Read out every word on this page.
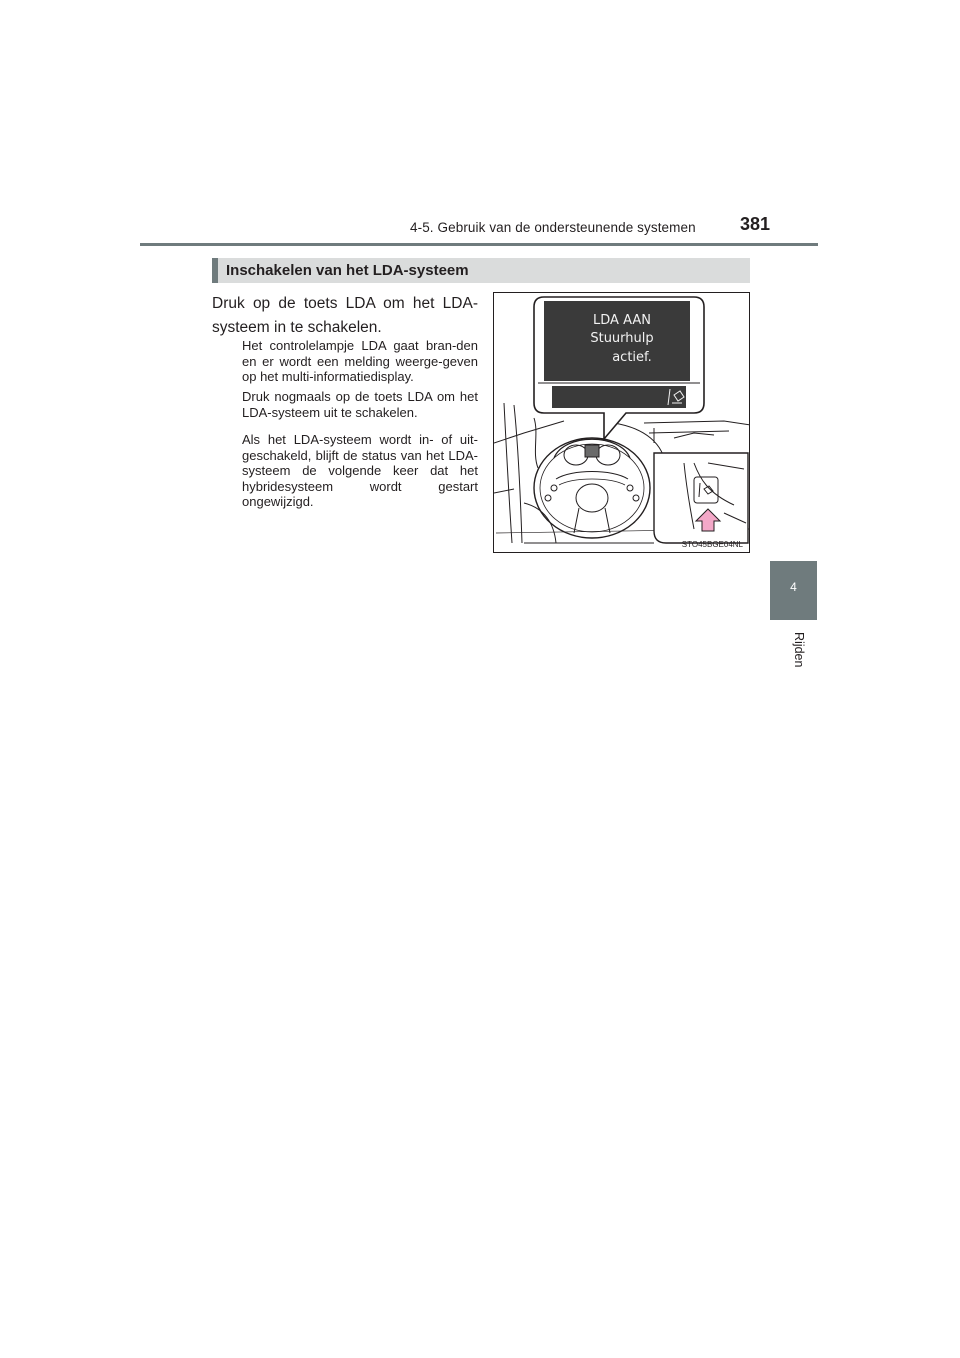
4-5. Gebruik van de ondersteunende systemen 381
4
Rijden
Inschakelen van het LDA-systeem
Druk op de toets LDA om het LDA-systeem in te schakelen.
Het controlelampje LDA gaat bran-den en er wordt een melding weerge-geven op het multi-informatiedisplay.
Druk nogmaals op de toets LDA om het LDA-systeem uit te schakelen.
Als het LDA-systeem wordt in- of uit-geschakeld, blijft de status van het LDA-systeem de volgende keer dat het hybridesysteem wordt gestart ongewijzigd.
LDA AAN
Stuurhulp
actief.
STO45BGE04NL
